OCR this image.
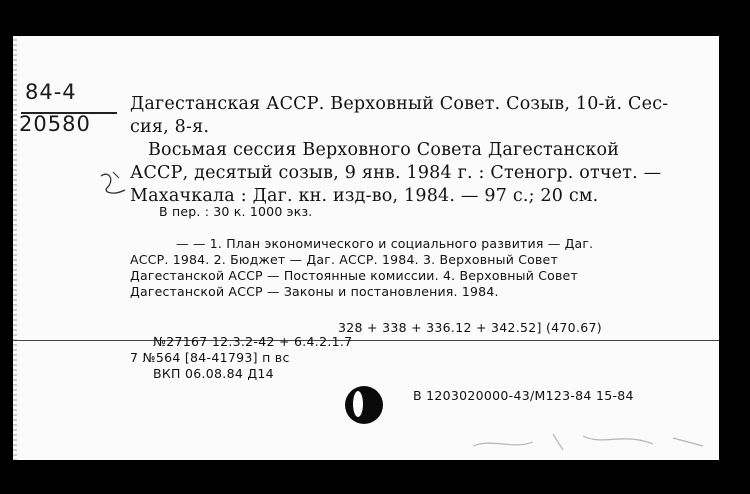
84-4
20580
Дагестанская АССР. Верховный Совет. Созыв, 10-й. Сес-
сия, 8-я.
Восьмая сессия Верховного Совета Дагестанской
АССР, десятый созыв, 9 янв. 1984 г. : Стеногр. отчет. —
Махачкала : Даг. кн. изд-во, 1984. — 97 с.; 20 см.
В пер. : 30 к. 1000 экз.
— — 1. План экономического и социального развития — Даг.
АССР. 1984. 2. Бюджет — Даг. АССР. 1984. 3. Верховный Совет
Дагестанской АССР — Постоянные комиссии. 4. Верховный Совет
Дагестанской АССР — Законы и постановления. 1984.
328 + 338 + 336.12 + 342.52] (470.67)
№27167 12.3.2-42 + 6.4.2.1.7
7 №564 [84-41793] п вс
ВКП 06.08.84 Д14
В 1203020000-43/М123-84 15-84
